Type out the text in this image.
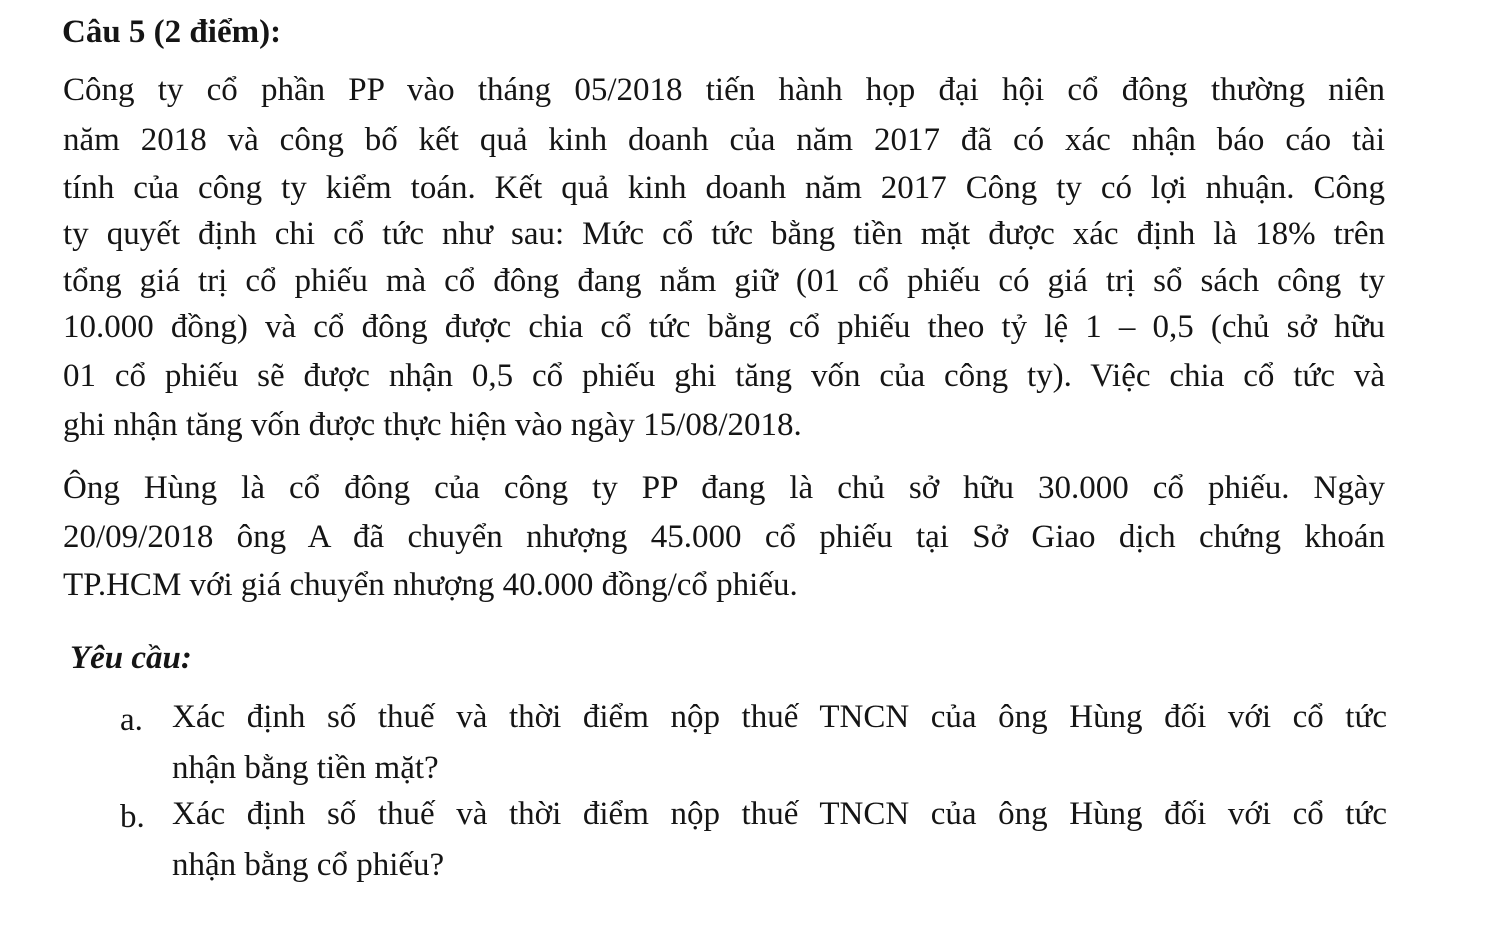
Câu 5 (2 điểm):
Công ty cổ phần PP vào tháng 05/2018 tiến hành họp đại hội cổ đông thường niên
năm 2018 và công bố kết quả kinh doanh của năm 2017 đã có xác nhận báo cáo tài
tính của công ty kiểm toán. Kết quả kinh doanh năm 2017 Công ty có lợi nhuận. Công
ty quyết định chi cổ tức như sau: Mức cổ tức bằng tiền mặt được xác định là 18% trên
tổng giá trị cổ phiếu mà cổ đông đang nắm giữ (01 cổ phiếu có giá trị sổ sách công ty
10.000 đồng) và cổ đông được chia cổ tức bằng cổ phiếu theo tỷ lệ 1 – 0,5 (chủ sở hữu
01 cổ phiếu sẽ được nhận 0,5 cổ phiếu ghi tăng vốn của công ty). Việc chia cổ tức và
ghi nhận tăng vốn được thực hiện vào ngày 15/08/2018.
Ông Hùng là cổ đông của công ty PP đang là chủ sở hữu 30.000 cổ phiếu. Ngày
20/09/2018 ông A đã chuyển nhượng 45.000 cổ phiếu tại Sở Giao dịch chứng khoán
TP.HCM với giá chuyển nhượng 40.000 đồng/cổ phiếu.
Yêu cầu:
a. Xác định số thuế và thời điểm nộp thuế TNCN của ông Hùng đối với cổ tức
nhận bằng tiền mặt?
b. Xác định số thuế và thời điểm nộp thuế TNCN của ông Hùng đối với cổ tức
nhận bằng cổ phiếu?
